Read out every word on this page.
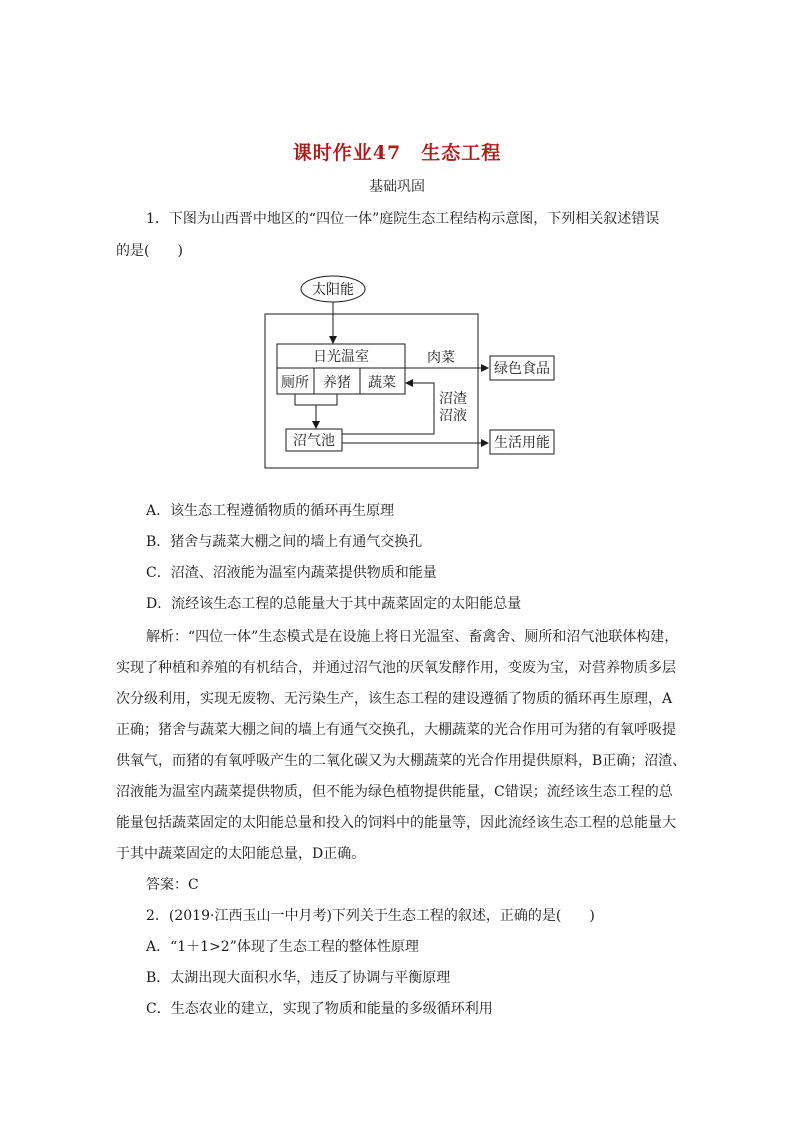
课时作业47　生态工程
基础巩固
1．下图为山西晋中地区的“四位一体”庭院生态工程结构示意图，下列相关叙述错误
的是(　　)
太阳能
日光温室
厕所 养猪 蔬菜
沼气池
沼渣
沼液
肉菜
绿色食品
生活用能
A．该生态工程遵循物质的循环再生原理
B．猪舍与蔬菜大棚之间的墙上有通气交换孔
C．沼渣、沼液能为温室内蔬菜提供物质和能量
D．流经该生态工程的总能量大于其中蔬菜固定的太阳能总量
解析：“四位一体”生态模式是在设施上将日光温室、畜禽舍、厕所和沼气池联体构建，
实现了种植和养殖的有机结合，并通过沼气池的厌氧发酵作用，变废为宝，对营养物质多层
次分级利用，实现无废物、无污染生产，该生态工程的建设遵循了物质的循环再生原理，A
正确；猪舍与蔬菜大棚之间的墙上有通气交换孔，大棚蔬菜的光合作用可为猪的有氧呼吸提
供氧气，而猪的有氧呼吸产生的二氧化碳又为大棚蔬菜的光合作用提供原料，B正确；沼渣、
沼液能为温室内蔬菜提供物质，但不能为绿色植物提供能量，C错误；流经该生态工程的总
能量包括蔬菜固定的太阳能总量和投入的饲料中的能量等，因此流经该生态工程的总能量大
于其中蔬菜固定的太阳能总量，D正确。
答案：C
2．(2019·江西玉山一中月考)下列关于生态工程的叙述，正确的是(　　)
A．“1＋1>2”体现了生态工程的整体性原理
B．太湖出现大面积水华，违反了协调与平衡原理
C．生态农业的建立，实现了物质和能量的多级循环利用
